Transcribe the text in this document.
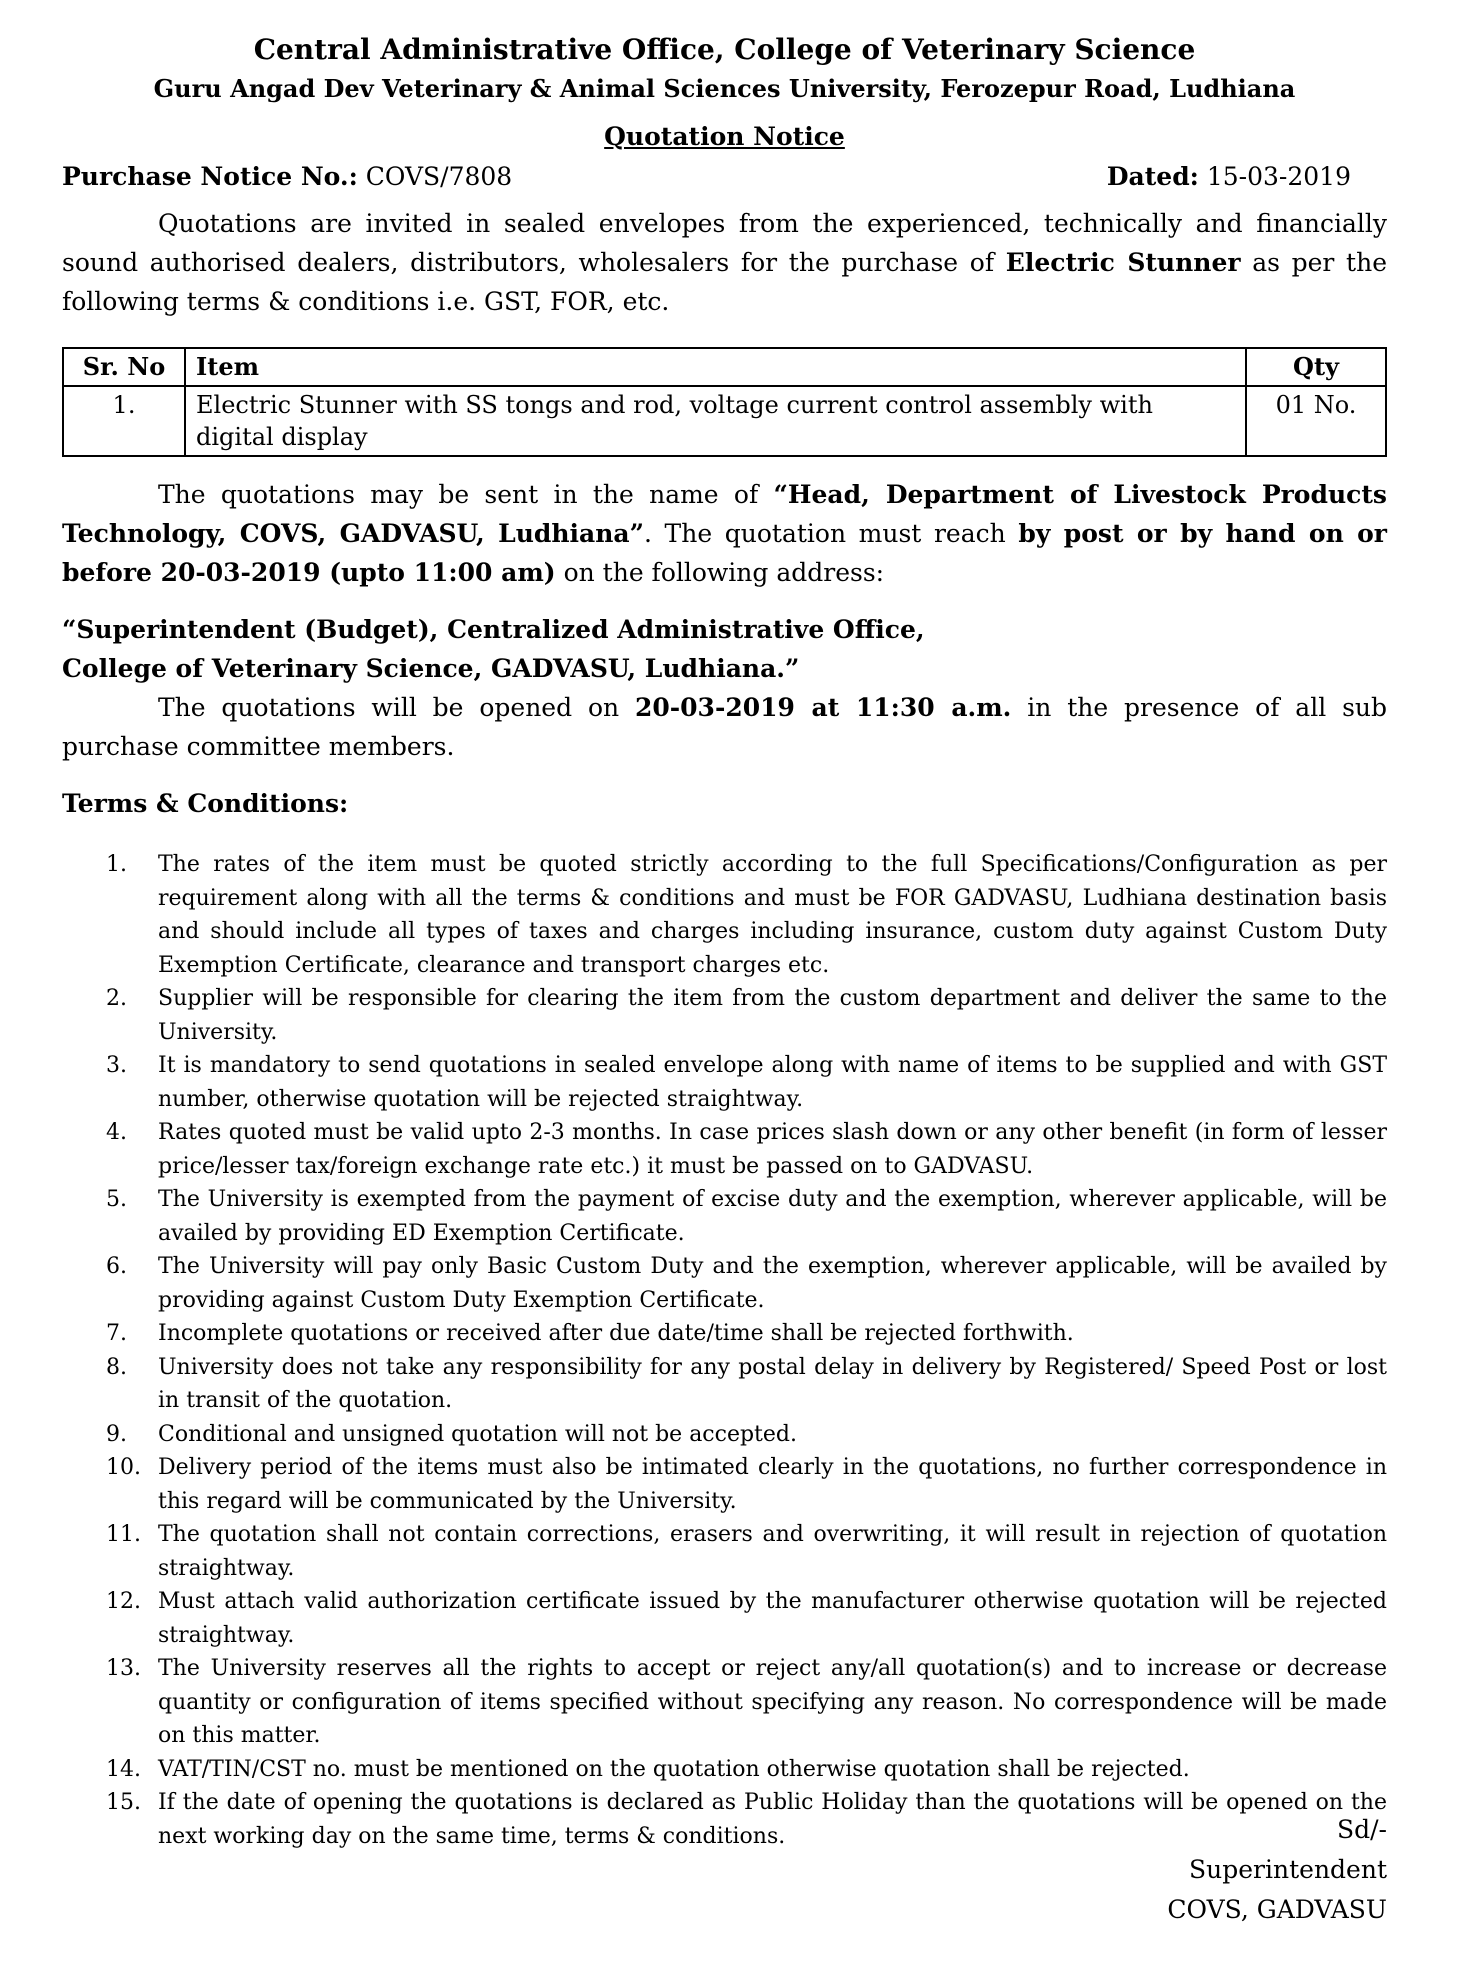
Central Administrative Office, College of Veterinary Science

Guru Angad Dev Veterinary & Animal Sciences University, Ferozepur Road, Ludhiana

Quotation Notice

Purchase Notice No.: COVS/7808	Dated: 15-03-2019

Quotations are invited in sealed envelopes from the experienced, technically and financially sound authorised dealers, distributors, wholesalers for the purchase of Electric Stunner as per the following terms & conditions i.e. GST, FOR, etc.

Sr. No	Item	Qty
1.	Electric Stunner with SS tongs and rod, voltage current control assembly with digital display	01 No.

The quotations may be sent in the name of “Head, Department of Livestock Products Technology, COVS, GADVASU, Ludhiana”. The quotation must reach by post or by hand on or before 20-03-2019 (upto 11:00 am) on the following address:

“Superintendent (Budget), Centralized Administrative Office,
College of Veterinary Science, GADVASU, Ludhiana.”

The quotations will be opened on 20-03-2019 at 11:30 a.m. in the presence of all sub purchase committee members.

Terms & Conditions:
1.	The rates of the item must be quoted strictly according to the full Specifications/Configuration as per requirement along with all the terms & conditions and must be FOR GADVASU, Ludhiana destination basis and should include all types of taxes and charges including insurance, custom duty against Custom Duty Exemption Certificate, clearance and transport charges etc.
2.	Supplier will be responsible for clearing the item from the custom department and deliver the same to the University.
3.	It is mandatory to send quotations in sealed envelope along with name of items to be supplied and with GST number, otherwise quotation will be rejected straightway.
4.	Rates quoted must be valid upto 2-3 months. In case prices slash down or any other benefit (in form of lesser price/lesser tax/foreign exchange rate etc.) it must be passed on to GADVASU.
5.	The University is exempted from the payment of excise duty and the exemption, wherever applicable, will be availed by providing ED Exemption Certificate.
6.	The University will pay only Basic Custom Duty and the exemption, wherever applicable, will be availed by providing against Custom Duty Exemption Certificate.
7.	Incomplete quotations or received after due date/time shall be rejected forthwith.
8.	University does not take any responsibility for any postal delay in delivery by Registered/ Speed Post or lost in transit of the quotation.
9.	Conditional and unsigned quotation will not be accepted.
10. Delivery period of the items must also be intimated clearly in the quotations, no further correspondence in this regard will be communicated by the University.
11. The quotation shall not contain corrections, erasers and overwriting, it will result in rejection of quotation straightway.
12. Must attach valid authorization certificate issued by the manufacturer otherwise quotation will be rejected straightway.
13. The University reserves all the rights to accept or reject any/all quotation(s) and to increase or decrease quantity or configuration of items specified without specifying any reason. No correspondence will be made on this matter.
14. VAT/TIN/CST no. must be mentioned on the quotation otherwise quotation shall be rejected.
15. If the date of opening the quotations is declared as Public Holiday than the quotations will be opened on the next working day on the same time, terms & conditions.	Sd/-
Superintendent
COVS, GADVASU
